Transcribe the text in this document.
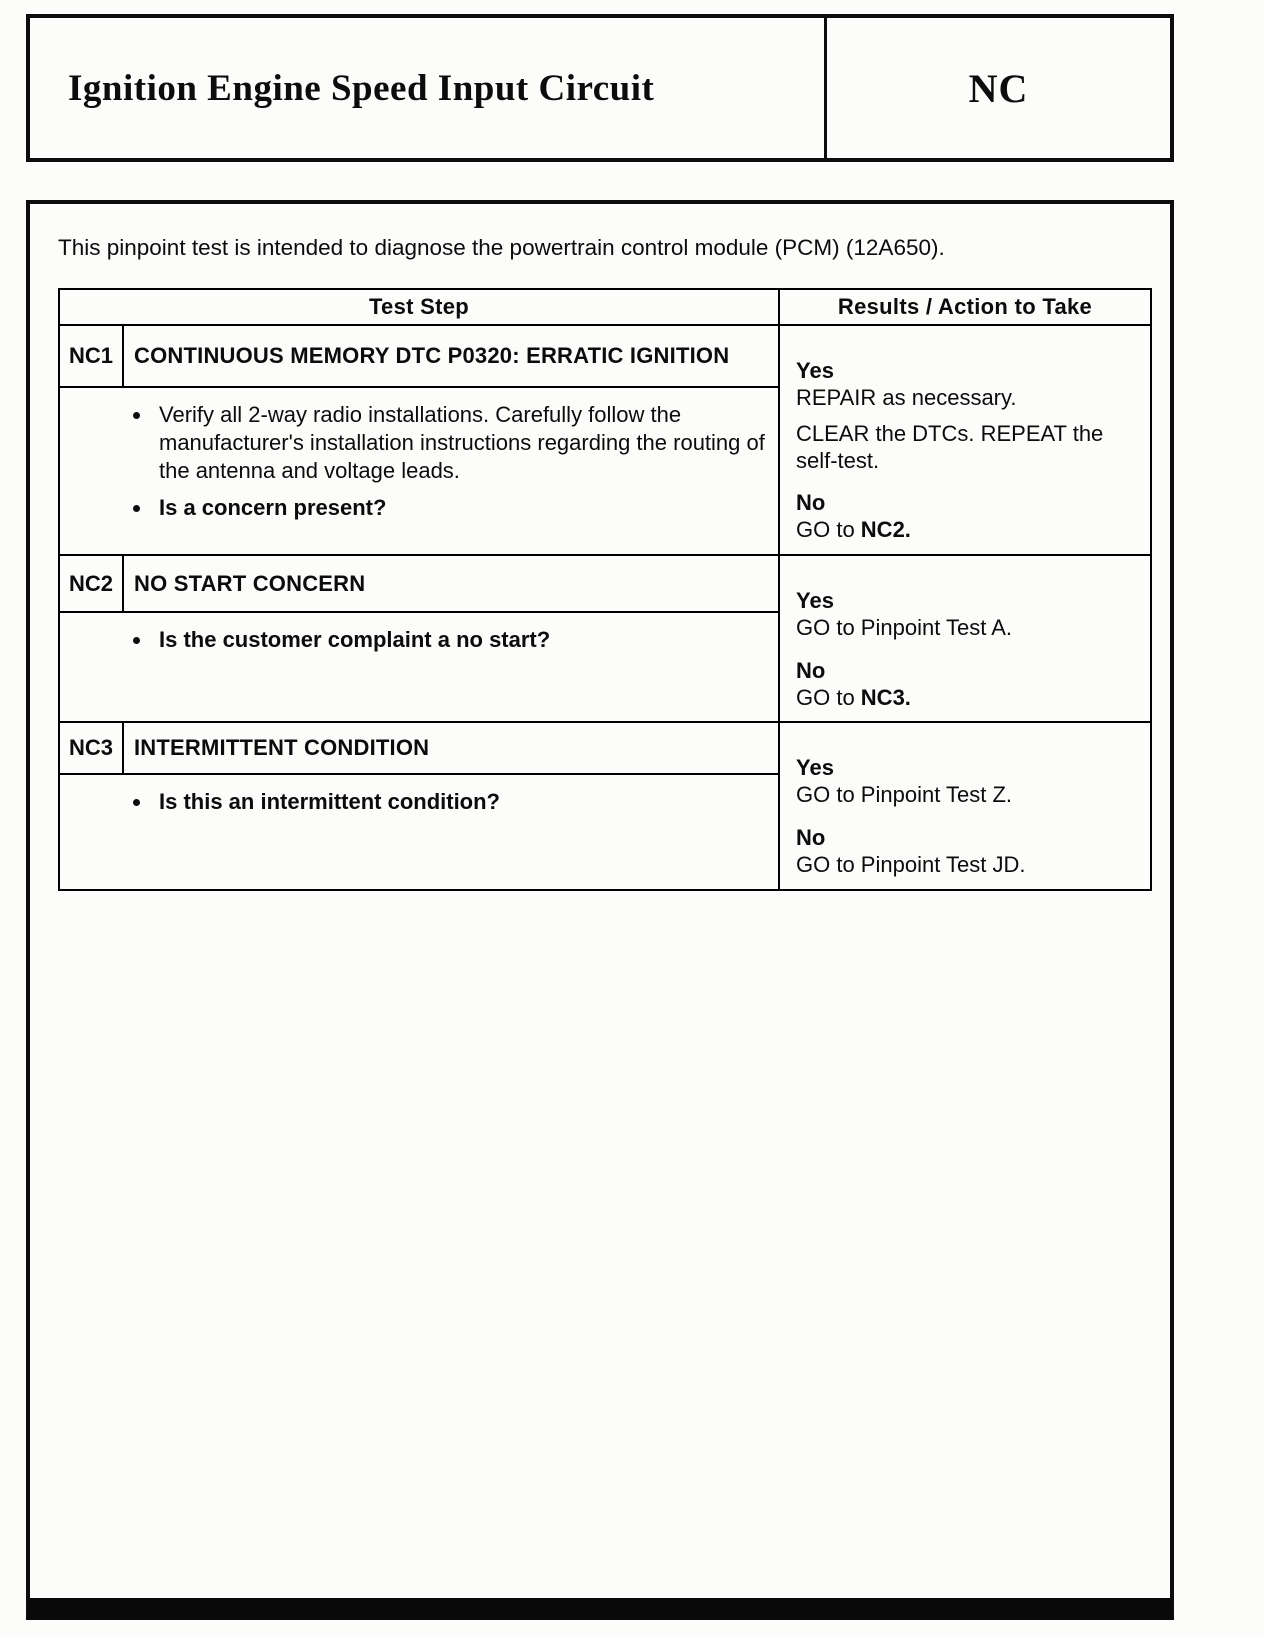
Ignition Engine Speed Input Circuit	NC

This pinpoint test is intended to diagnose the powertrain control module (PCM) (12A650).

Test Step		Results / Action to Take
NC1	CONTINUOUS MEMORY DTC P0320: ERRATIC IGNITION	Yes
REPAIR as necessary.
CLEAR the DTCs. REPEAT the self-test.
No
GO to NC2.

• Verify all 2-way radio installations. Carefully follow the manufacturer's installation instructions regarding the routing of the antenna and voltage leads.
• Is a concern present?

NC2	NO START CONCERN	Yes
GO to Pinpoint Test A.
No
GO to NC3.

• Is the customer complaint a no start?

NC3	INTERMITTENT CONDITION	Yes
GO to Pinpoint Test Z.
No
GO to Pinpoint Test JD.

• Is this an intermittent condition?
